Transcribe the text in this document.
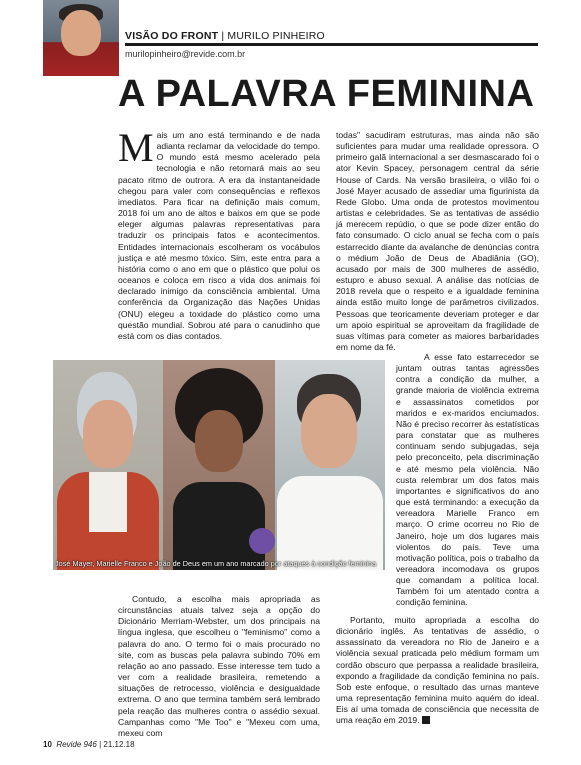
VISÃO DO FRONT | MURILO PINHEIRO
murilopinheiro@revide.com.br
A PALAVRA FEMININA

Mais um ano está terminando e de nada adianta reclamar da velocidade do tempo. O mundo está mesmo acelerado pela tecnologia e não retornará mais ao seu pacato ritmo de outrora. A era da instantaneidade chegou para valer com consequências e reflexos imediatos. Para ficar na definição mais comum, 2018 foi um ano de altos e baixos em que se pode eleger algumas palavras representativas para traduzir os principais fatos e acontecimentos. Entidades internacionais escolheram os vocábulos justiça e até mesmo tóxico. Sim, este entra para a história como o ano em que o plástico que polui os oceanos e coloca em risco a vida dos animais foi declarado inimigo da consciência ambiental. Uma conferência da Organização das Nações Unidas (ONU) elegeu a toxidade do plástico como uma questão mundial. Sobrou até para o canudinho que está com os dias contados.

todas" sacudiram estruturas, mas ainda não são suficientes para mudar uma realidade opressora. O primeiro galã internacional a ser desmascarado foi o ator Kevin Spacey, personagem central da série House of Cards. Na versão brasileira, o vilão foi o José Mayer acusado de assediar uma figurinista da Rede Globo. Uma onda de protestos movimentou artistas e celebridades. Se as tentativas de assédio já merecem repúdio, o que se pode dizer então do fato consumado. O ciclo anual se fecha com o país estarrecido diante da avalanche de denúncias contra o médium João de Deus de Abadiânia (GO), acusado por mais de 300 mulheres de assédio, estupro e abuso sexual. A análise das notícias de 2018 revela que o respeito e a igualdade feminina ainda estão muito longe de parâmetros civilizados. Pessoas que teoricamente deveriam proteger e dar um apoio espiritual se aproveitam da fragilidade de suas vítimas para cometer as maiores barbaridades em nome da fé.

José Mayer, Marielle Franco e João de Deus em um ano marcado por ataques à condição feminina

A esse fato estarrecedor se juntam outras tantas agressões contra a condição da mulher, a grande maioria de violência extrema e assassinatos cometidos por maridos e ex-maridos enciumados. Não é preciso recorrer às estatísticas para constatar que as mulheres continuam sendo subjugadas, seja pelo preconceito, pela discriminação e até mesmo pela violência. Não custa relembrar um dos fatos mais importantes e significativos do ano que está terminando: a execução da vereadora Marielle Franco em março. O crime ocorreu no Rio de Janeiro, hoje um dos lugares mais violentos do país. Teve uma motivação política, pois o trabalho da vereadora incomodava os grupos que comandam a política local. Também foi um atentado contra a condição feminina.

Contudo, a escolha mais apropriada as circunstâncias atuais talvez seja a opção do Dicionário Merriam-Webster, um dos principais na língua inglesa, que escolheu o "feminismo" como a palavra do ano. O termo foi o mais procurado no site, com as buscas pela palavra subindo 70% em relação ao ano passado. Esse interesse tem tudo a ver com a realidade brasileira, remetendo a situações de retrocesso, violência e desigualdade extrema. O ano que termina também será lembrado pela reação das mulheres contra o assédio sexual. Campanhas como "Me Too" e "Mexeu com uma, mexeu com

Portanto, muito apropriada a escolha do dicionário inglês. As tentativas de assédio, o assassinato da vereadora no Rio de Janeiro e a violência sexual praticada pelo médium formam um cordão obscuro que perpassa a realidade brasileira, expondo a fragilidade da condição feminina no país. Sob este enfoque, o resultado das urnas manteve uma representação feminina muito aquém do ideal. Eis aí uma tomada de consciência que necessita de uma reação em 2019.

10 Revide 946 | 21.12.18
